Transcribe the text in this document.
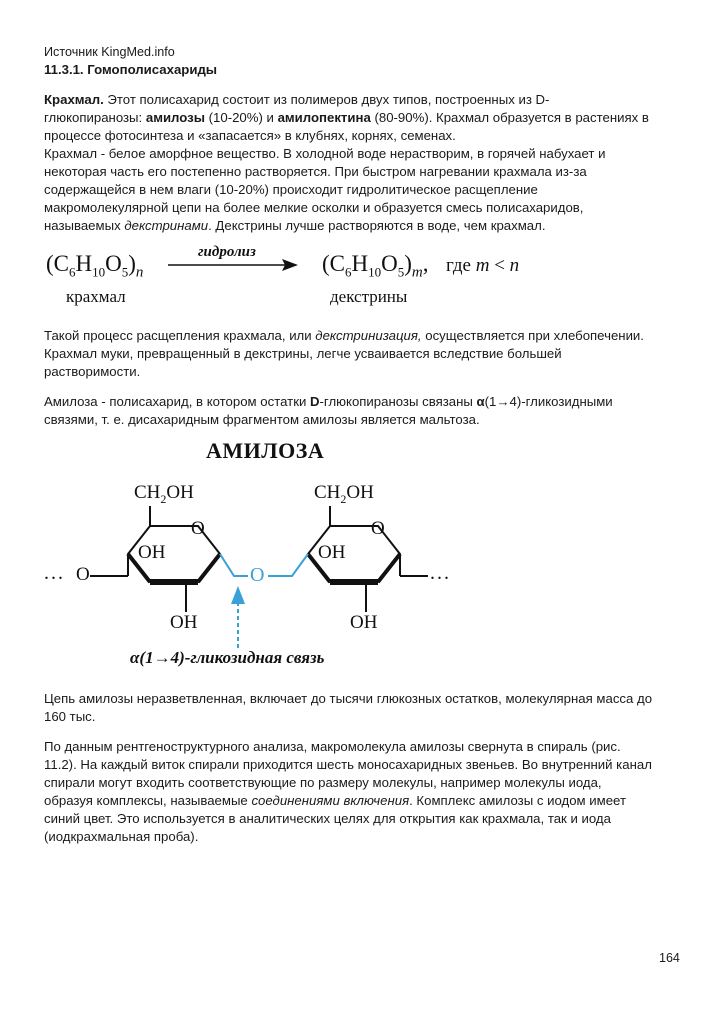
Источник KingMed.info
11.3.1. Гомополисахариды
Крахмал. Этот полисахарид состоит из полимеров двух типов, построенных из D-
глюкопиранозы: амилозы (10-20%) и амилопектина (80-90%). Крахмал образуется в растениях в
процессе фотосинтеза и «запасается» в клубнях, корнях, семенах.
Крахмал - белое аморфное вещество. В холодной воде нерастворим, в горячей набухает и
некоторая часть его постепенно растворяется. При быстром нагревании крахмала из-за
содержащейся в нем влаги (10-20%) происходит гидролитическое расщепление
макромолекулярной цепи на более мелкие осколки и образуется смесь полисахаридов,
называемых декстринами. Декстрины лучше растворяются в воде, чем крахмал.
$(C_6H_{10}O_5)_n$
крахмал
гидролиз	$(C_6H_{10}O_5)_m$,
декстрины
где m < n
Такой процесс расщепления крахмала, или декстринизация, осуществляется при хлебопечении.
Крахмал муки, превращенный в декстрины, легче усваивается вследствие большей
растворимости.
Амилоза - полисахарид, в котором остатки D-глюкопиранозы связаны α(1→4)-гликозидными
связями, т. е. дисахаридным фрагментом амилозы является мальтоза.
АМИЛОЗА
$CH_2OH$	$CH_2OH$
O	O
OH	OH
OH	OH
O
O
...	...
α(1→4)-гликозидная связь
Цепь амилозы неразветвленная, включает до тысячи глюкозных остатков, молекулярная масса до
160 тыс.
По данным рентгеноструктурного анализа, макромолекула амилозы свернута в спираль (рис.
11.2). На каждый виток спирали приходится шесть моносахаридных звеньев. Во внутренний канал
спирали могут входить соответствующие по размеру молекулы, например молекулы иода,
образуя комплексы, называемые соединениями включения. Комплекс амилозы с иодом имеет
синий цвет. Это используется в аналитических целях для открытия как крахмала, так и иода
(иодкрахмальная проба).
164
